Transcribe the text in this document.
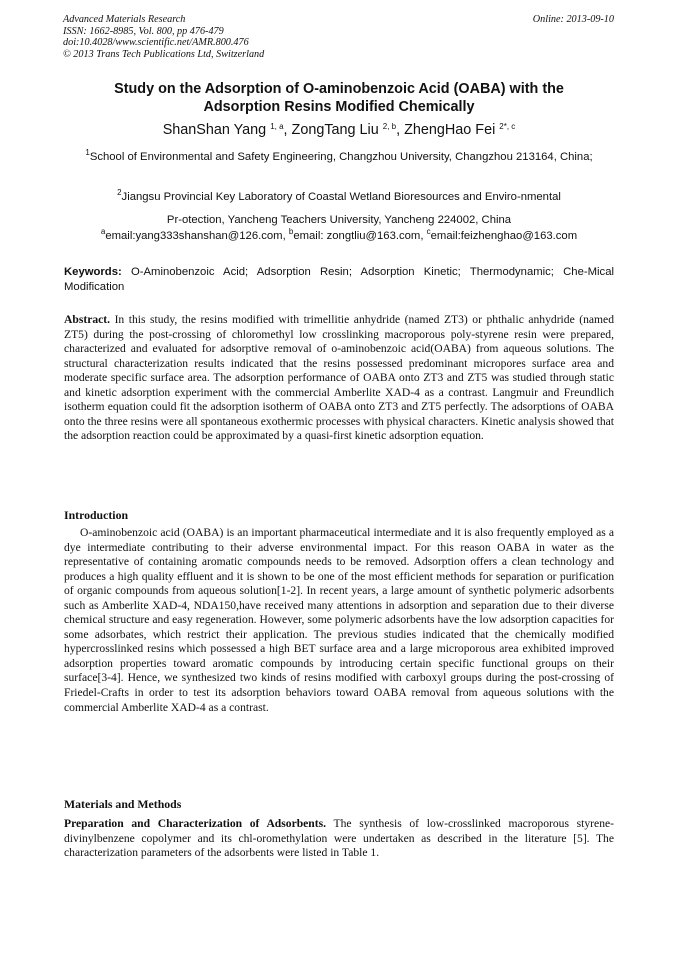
Advanced Materials Research
ISSN: 1662-8985, Vol. 800, pp 476-479
doi:10.4028/www.scientific.net/AMR.800.476
© 2013 Trans Tech Publications Ltd, Switzerland
Online: 2013-09-10
Study on the Adsorption of O-aminobenzoic Acid (OABA) with the
Adsorption Resins Modified Chemically
ShanShan Yang $^{1, a}$, ZongTang Liu $^{2, b}$, ZhengHao Fei $^{2*, c}$
$^1$School of Environmental and Safety Engineering, Changzhou University, Changzhou 213164, China;
$^2$Jiangsu Provincial Key Laboratory of Coastal Wetland Bioresources and Enviro-nmental
Pr-otection, Yancheng Teachers University, Yancheng 224002, China
$^a$email:yang333shanshan@126.com, $^b$email: zongtliu@163.com, $^c$email:feizhenghao@163.com

Keywords: O-Aminobenzoic Acid; Adsorption Resin; Adsorption Kinetic; Thermodynamic; Che-Mical Modification

Abstract. In this study, the resins modified with trimellitie anhydride (named ZT3) or phthalic anhydride (named ZT5) during the post-crossing of chloromethyl low crosslinking macroporous poly-styrene resin were prepared, characterized and evaluated for adsorptive removal of o-aminobenzoic acid(OABA) from aqueous solutions. The structural characterization results indicated that the resins possessed predominant micropores surface area and moderate specific surface area. The adsorption performance of OABA onto ZT3 and ZT5 was studied through static and kinetic adsorption experiment with the commercial Amberlite XAD-4 as a contrast. Langmuir and Freundlich isotherm equation could fit the adsorption isotherm of OABA onto ZT3 and ZT5 perfectly. The adsorptions of OABA onto the three resins were all spontaneous exothermic processes with physical characters. Kinetic analysis showed that the adsorption reaction could be approximated by a quasi-first kinetic adsorption equation.

Introduction

O-aminobenzoic acid (OABA) is an important pharmaceutical intermediate and it is also frequently employed as a dye intermediate contributing to their adverse environmental impact. For this reason OABA in water as the representative of containing aromatic compounds needs to be removed. Adsorption offers a clean technology and produces a high quality effluent and it is shown to be one of the most efficient methods for separation or purification of organic compounds from aqueous solution[1-2]. In recent years, a large amount of synthetic polymeric adsorbents such as Amberlite XAD-4, NDA150,have received many attentions in adsorption and separation due to their diverse chemical structure and easy regeneration. However, some polymeric adsorbents have the low adsorption capacities for some adsorbates, which restrict their application. The previous studies indicated that the chemically modified hypercrosslinked resins which possessed a high BET surface area and a large microporous area exhibited improved adsorption properties toward aromatic compounds by introducing certain specific functional groups on their surface[3-4]. Hence, we synthesized two kinds of resins modified with carboxyl groups during the post-crossing of Friedel-Crafts in order to test its adsorption behaviors toward OABA removal from aqueous solutions with the commercial Amberlite XAD-4 as a contrast.

Materials and Methods

Preparation and Characterization of Adsorbents. The synthesis of low-crosslinked macroporous styrene-divinylbenzene copolymer and its chl-oromethylation were undertaken as described in the literature [5]. The characterization parameters of the adsorbents were listed in Table 1.
